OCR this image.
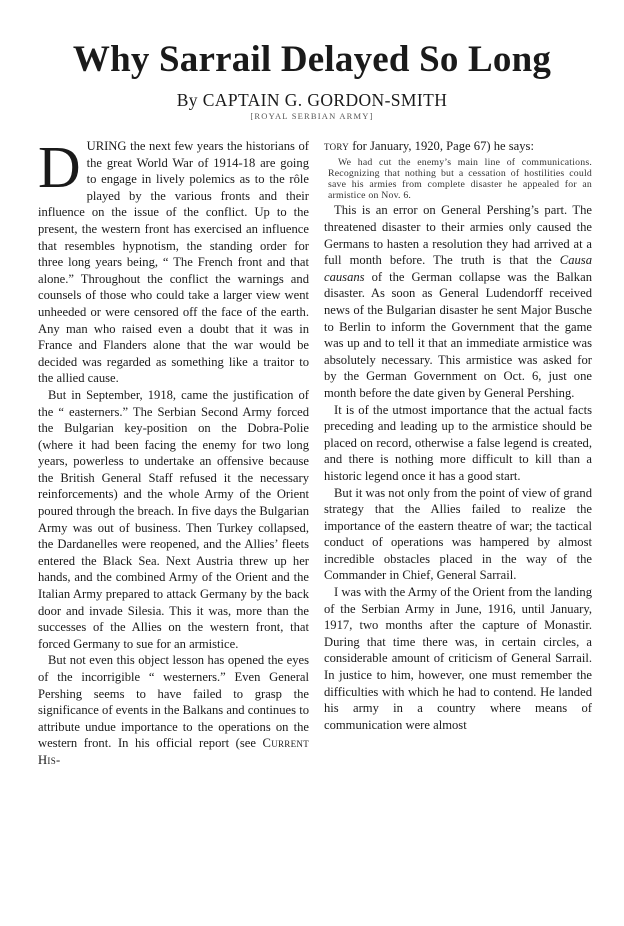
Why Sarrail Delayed So Long
By CAPTAIN G. GORDON-SMITH
[ROYAL SERBIAN ARMY]

DURING the next few years the historians of the great World War of 1914-18 are going to engage in lively polemics as to the rôle played by the various fronts and their influence on the issue of the conflict. Up to the present, the western front has exercised an influence that resembles hypnotism, the standing order for three long years being, “ The French front and that alone.” Throughout the conflict the warnings and counsels of those who could take a larger view went unheeded or were censored off the face of the earth. Any man who raised even a doubt that it was in France and Flanders alone that the war would be decided was regarded as something like a traitor to the allied cause.

But in September, 1918, came the justification of the “ easterners.” The Serbian Second Army forced the Bulgarian key-position on the Dobra-Polie (where it had been facing the enemy for two long years, powerless to undertake an offensive because the British General Staff refused it the necessary reinforcements) and the whole Army of the Orient poured through the breach. In five days the Bulgarian Army was out of business. Then Turkey collapsed, the Dardanelles were reopened, and the Allies’ fleets entered the Black Sea. Next Austria threw up her hands, and the combined Army of the Orient and the Italian Army prepared to attack Germany by the back door and invade Silesia. This it was, more than the successes of the Allies on the western front, that forced Germany to sue for an armistice.

But not even this object lesson has opened the eyes of the incorrigible “ westerners.” Even General Pershing seems to have failed to grasp the significance of events in the Balkans and continues to attribute undue importance to the operations on the western front. In his official report (see Current His-

tory for January, 1920, Page 67) he says:

We had cut the enemy’s main line of communications. Recognizing that nothing but a cessation of hostilities could save his armies from complete disaster he appealed for an armistice on Nov. 6.

This is an error on General Pershing’s part. The threatened disaster to their armies only caused the Germans to hasten a resolution they had arrived at a full month before. The truth is that the Causa causans of the German collapse was the Balkan disaster. As soon as General Ludendorff received news of the Bulgarian disaster he sent Major Busche to Berlin to inform the Government that the game was up and to tell it that an immediate armistice was absolutely necessary. This armistice was asked for by the German Government on Oct. 6, just one month before the date given by General Pershing.

It is of the utmost importance that the actual facts preceding and leading up to the armistice should be placed on record, otherwise a false legend is created, and there is nothing more difficult to kill than a historic legend once it has a good start.

But it was not only from the point of view of grand strategy that the Allies failed to realize the importance of the eastern theatre of war; the tactical conduct of operations was hampered by almost incredible obstacles placed in the way of the Commander in Chief, General Sarrail.

I was with the Army of the Orient from the landing of the Serbian Army in June, 1916, until January, 1917, two months after the capture of Monastir. During that time there was, in certain circles, a considerable amount of criticism of General Sarrail. In justice to him, however, one must remember the difficulties with which he had to contend. He landed his army in a country where means of communication were almost
